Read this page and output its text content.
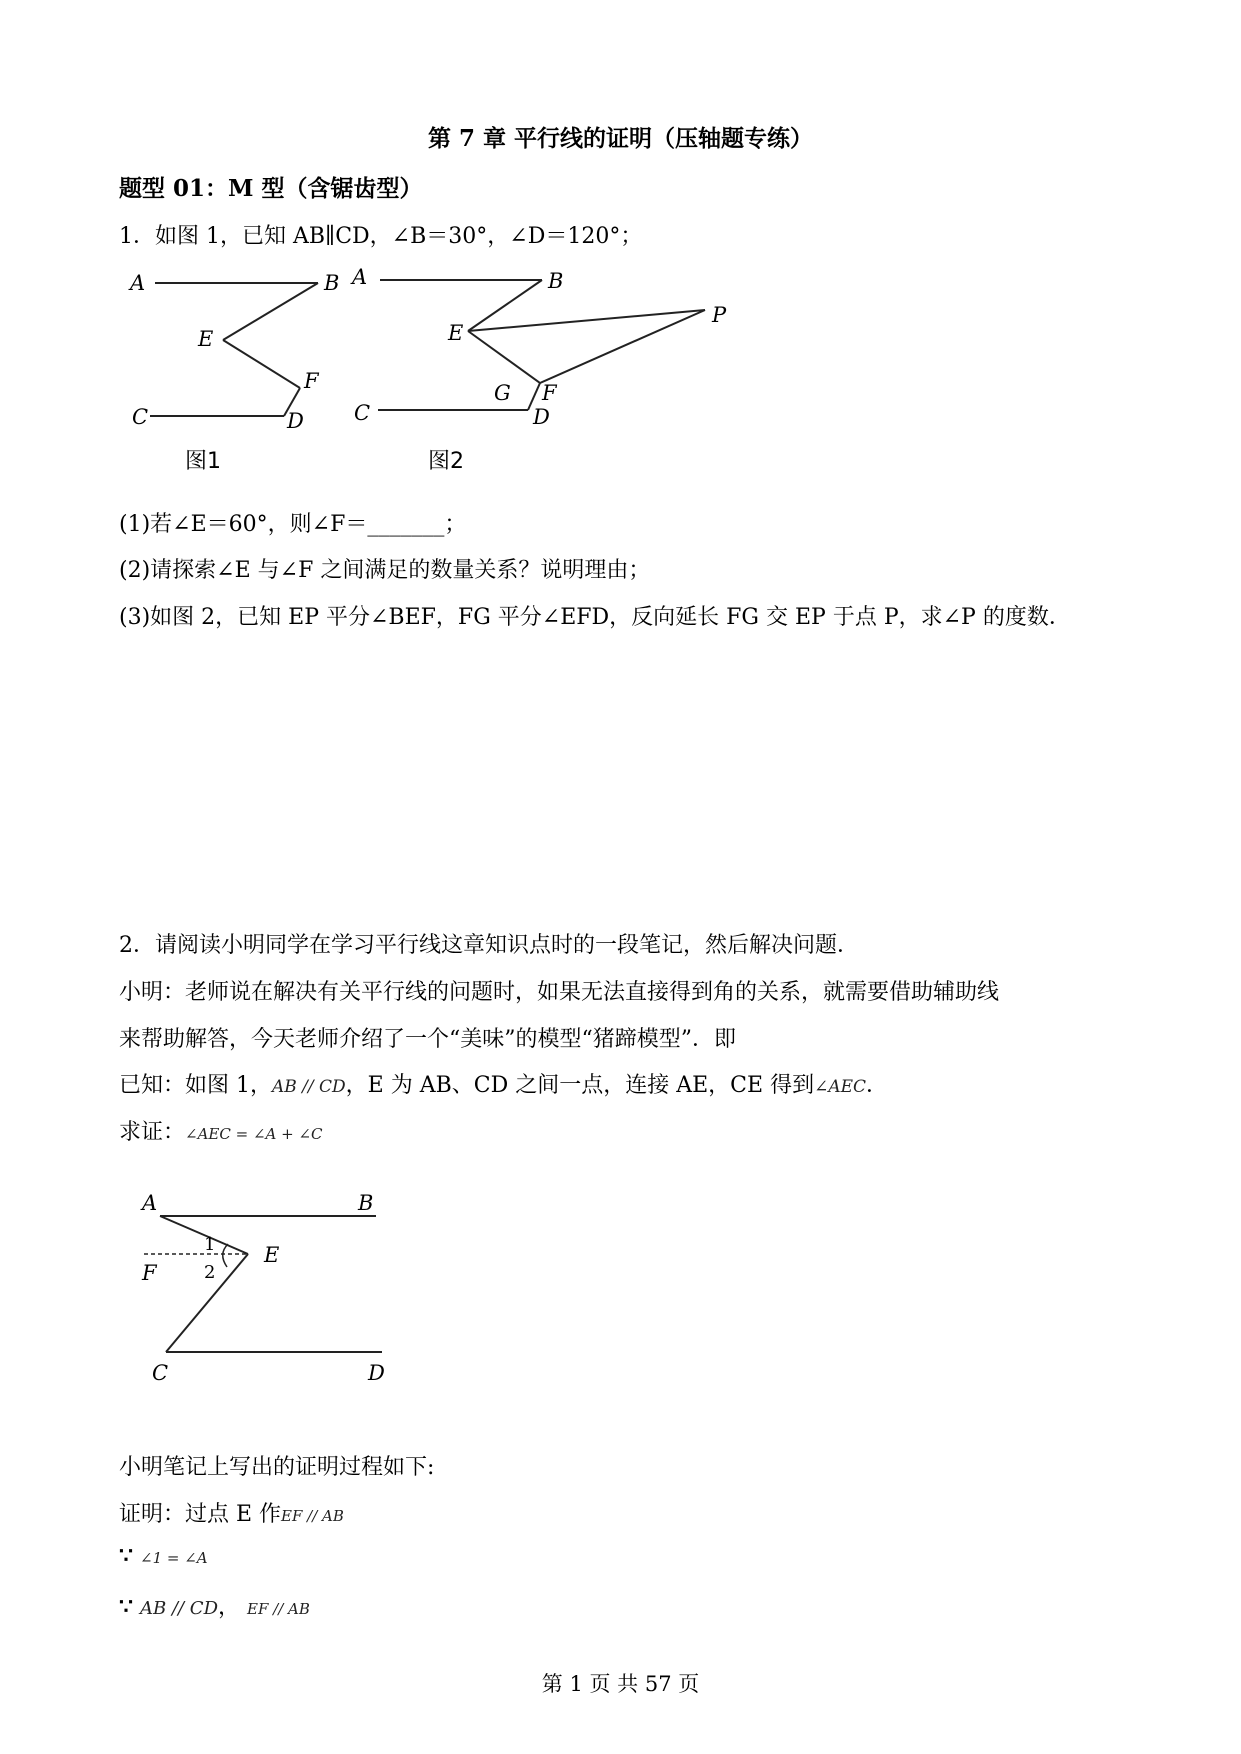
第 7 章 平行线的证明（压轴题专练）
题型 01：M 型（含锯齿型）
1．如图 1，已知 AB∥CD，∠B＝30°，∠D＝120°；
A	B
E
F
C	D
图1
A	B
E
P
G F
C	D
图2
(1)若∠E＝60°，则∠F＝_______；
(2)请探索∠E 与∠F 之间满足的数量关系？说明理由；
(3)如图 2，已知 EP 平分∠BEF，FG 平分∠EFD，反向延长 FG 交 EP 于点 P，求∠P 的度数．
2．请阅读小明同学在学习平行线这章知识点时的一段笔记，然后解决问题．
小明：老师说在解决有关平行线的问题时，如果无法直接得到角的关系，就需要借助辅助线
来帮助解答，今天老师介绍了一个“美味”的模型“猪蹄模型”．即
已知：如图 1，AB // CD，E 为 AB、CD 之间一点，连接 AE，CE 得到∠AEC．
求证：∠AEC = ∠A + ∠C
A	B
F
E
1
2
C	D
小明笔记上写出的证明过程如下:
证明：过点 E 作EF // AB
∵ ∠1 = ∠A
∵ AB // CD， EF // AB
第 1 页 共 57 页
